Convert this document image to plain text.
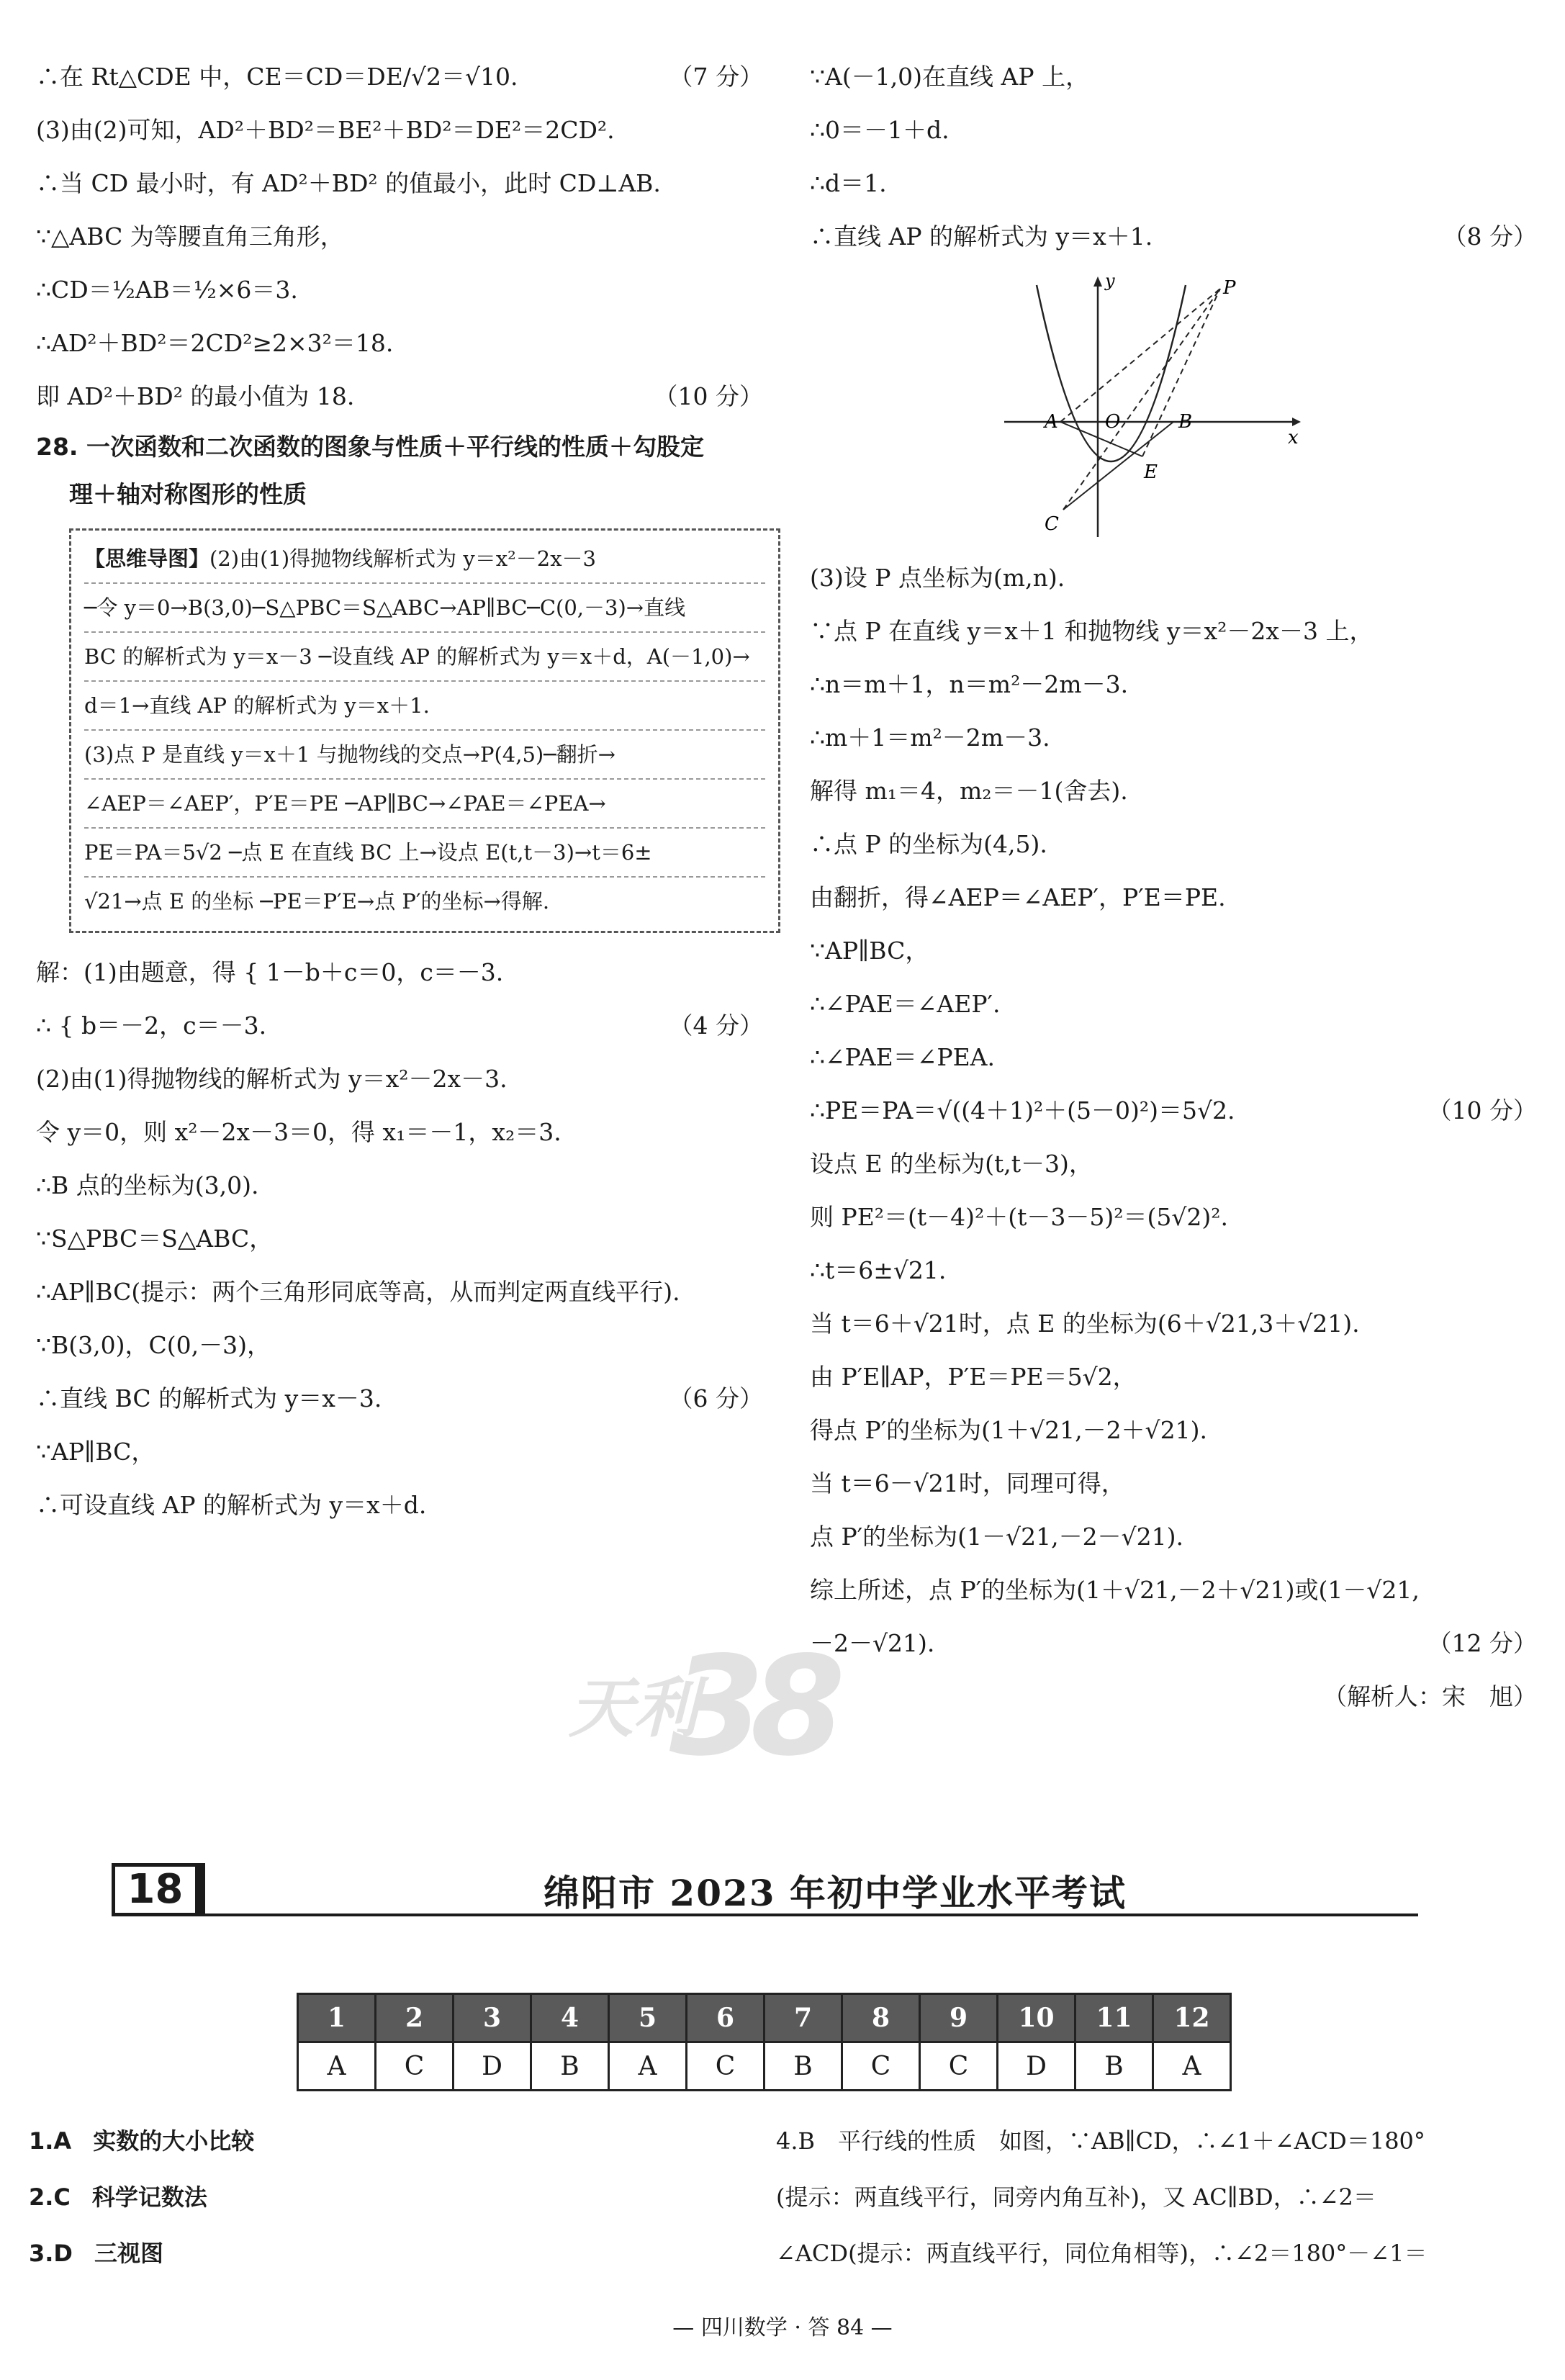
∴在 Rt△CDE 中，CE＝CD＝DE/√2＝√10.	（7 分）
(3)由(2)可知，AD²＋BD²＝BE²＋BD²＝DE²＝2CD².
∴当 CD 最小时，有 AD²＋BD² 的值最小，此时 CD⊥AB.
∵△ABC 为等腰直角三角形，
∴CD＝½AB＝½×6＝3.
∴AD²＋BD²＝2CD²≥2×3²＝18.
即 AD²＋BD² 的最小值为 18.	（10 分）
28. 一次函数和二次函数的图象与性质＋平行线的性质＋勾股定
理＋轴对称图形的性质
【思维导图】(2)由(1)得抛物线解析式为 y＝x²－2x－3
─令 y＝0→B(3,0)─S△PBC＝S△ABC→AP∥BC─C(0,－3)→直线
BC 的解析式为 y＝x－3 ─设直线 AP 的解析式为 y＝x＋d，A(－1,0)→
d＝1→直线 AP 的解析式为 y＝x＋1.
(3)点 P 是直线 y＝x＋1 与抛物线的交点→P(4,5)─翻折→
∠AEP＝∠AEP′，P′E＝PE ─AP∥BC→∠PAE＝∠PEA→
PE＝PA＝5√2 ─点 E 在直线 BC 上→设点 E(t,t－3)→t＝6±
√21→点 E 的坐标 ─PE＝P′E→点 P′的坐标→得解.
解：(1)由题意，得 { 1－b＋c＝0，c＝－3.
∴ { b＝－2，c＝－3.	（4 分）
(2)由(1)得抛物线的解析式为 y＝x²－2x－3.
令 y＝0，则 x²－2x－3＝0，得 x₁＝－1，x₂＝3.
∴B 点的坐标为(3,0).
∵S△PBC＝S△ABC，
∴AP∥BC(提示：两个三角形同底等高，从而判定两直线平行).
∵B(3,0)，C(0,－3)，
∴直线 BC 的解析式为 y＝x－3.	（6 分）
∵AP∥BC，
∴可设直线 AP 的解析式为 y＝x＋d.
∵A(－1,0)在直线 AP 上，
∴0＝－1＋d.
∴d＝1.
∴直线 AP 的解析式为 y＝x＋1.	（8 分）
y
x
P
A	O	B
E
C
(3)设 P 点坐标为(m,n).
∵点 P 在直线 y＝x＋1 和抛物线 y＝x²－2x－3 上，
∴n＝m＋1，n＝m²－2m－3.
∴m＋1＝m²－2m－3.
解得 m₁＝4，m₂＝－1(舍去).
∴点 P 的坐标为(4,5).
由翻折，得∠AEP＝∠AEP′，P′E＝PE.
∵AP∥BC，
∴∠PAE＝∠AEP′.
∴∠PAE＝∠PEA.
∴PE＝PA＝√((4＋1)²＋(5－0)²)＝5√2.	（10 分）
设点 E 的坐标为(t,t－3)，
则 PE²＝(t－4)²＋(t－3－5)²＝(5√2)².
∴t＝6±√21.
当 t＝6＋√21时，点 E 的坐标为(6＋√21,3＋√21).
由 P′E∥AP，P′E＝PE＝5√2，
得点 P′的坐标为(1＋√21,－2＋√21).
当 t＝6－√21时，同理可得，
点 P′的坐标为(1－√21,－2－√21).
综上所述，点 P′的坐标为(1＋√21,－2＋√21)或(1－√21,
－2－√21).	（12 分）
（解析人：宋　旭）
天利
38
18	绵阳市 2023 年初中学业水平考试
1	2	3	4	5	6	7	8	9	10	11	12
A	C	D	B	A	C	B	C	C	D	B	A
1.A 实数的大小比较
2.C 科学记数法
3.D 三视图
4.B　平行线的性质　如图，∵AB∥CD，∴∠1＋∠ACD＝180°
(提示：两直线平行，同旁内角互补)，又 AC∥BD，∴∠2＝
∠ACD(提示：两直线平行，同位角相等)，∴∠2＝180°－∠1＝
— 四川数学 · 答 84 —
